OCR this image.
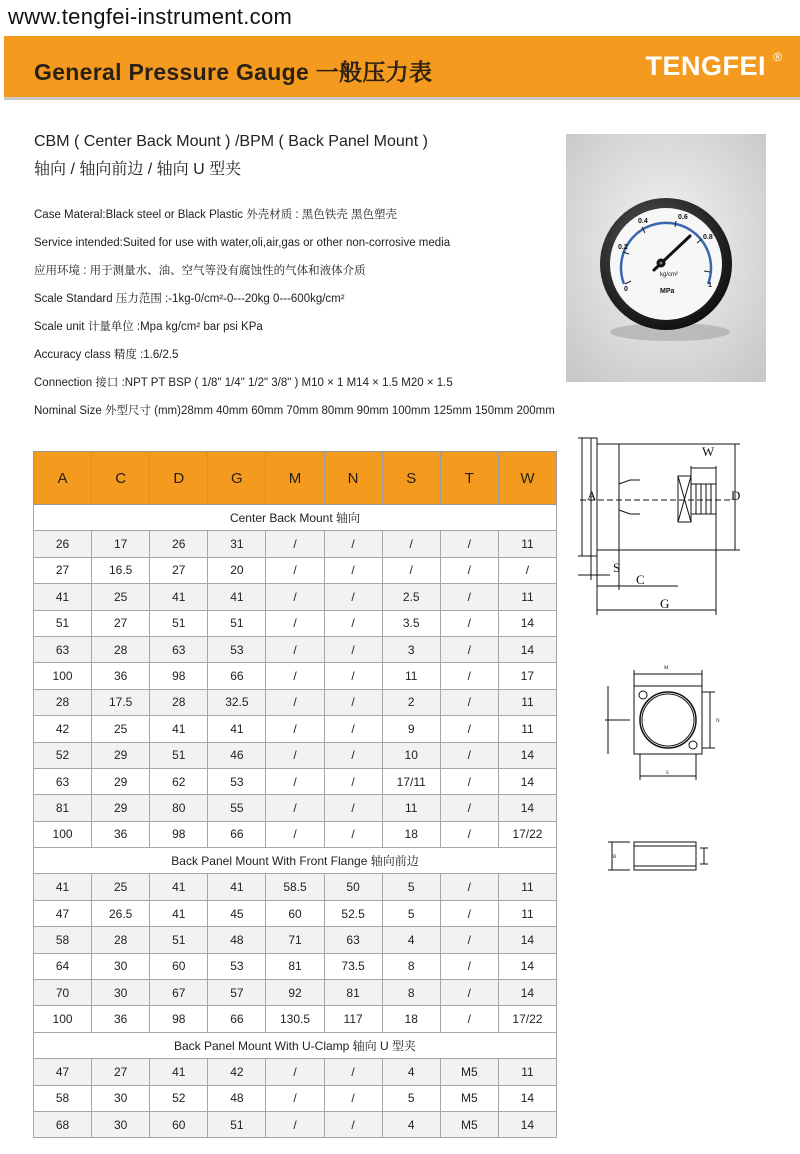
www.tengfei-instrument.com
General Pressure Gauge 一般压力表	TENGFEI ®
CBM ( Center Back Mount ) /BPM ( Back Panel Mount )
轴向 / 轴向前边 / 轴向 U 型夹
Case Materal:Black steel or Black Plastic 外壳材质 : 黑色铁壳 黑色塑壳
Service intended:Suited for use with water,oli,air,gas or other non-corrosive media
应用环境 : 用于测量水、油、空气等没有腐蚀性的气体和液体介质
Scale Standard 压力范围 :-1kg-0/cm²-0---20kg 0---600kg/cm²
Scale unit 计量单位 :Mpa kg/cm² bar psi KPa
Accuracy class 精度 :1.6/2.5
Connection 接口 :NPT PT BSP ( 1/8" 1/4" 1/2" 3/8" ) M10 × 1 M14 × 1.5 M20 × 1.5
Nominal Size 外型尺寸 (mm)28mm 40mm 60mm 70mm 80mm 90mm 100mm 125mm 150mm 200mm
0
0.2
0.4
0.6
0.8
1
kg/cm²
MPa
A	C	D	G	M	N	S	T	W
Center Back Mount 轴向								
26	17	26	31	/	/	/	/	11
27	16.5	27	20	/	/	/	/	/
41	25	41	41	/	/	2.5	/	11
51	27	51	51	/	/	3.5	/	14
63	28	63	53	/	/	3	/	14
100	36	98	66	/	/	11	/	17
28	17.5	28	32.5	/	/	2	/	11
42	25	41	41	/	/	9	/	11
52	29	51	46	/	/	10	/	14
63	29	62	53	/	/	17/11	/	14
81	29	80	55	/	/	11	/	14
100	36	98	66	/	/	18	/	17/22
Back Panel Mount With Front Flange 轴向前边								
41	25	41	41	58.5	50	5	/	11
47	26.5	41	45	60	52.5	5	/	11
58	28	51	48	71	63	4	/	14
64	30	60	53	81	73.5	8	/	14
70	30	67	57	92	81	8	/	14
100	36	98	66	130.5	117	18	/	17/22
Back Panel Mount With U-Clamp 轴向 U 型夹								
47	27	41	42	/	/	4	M5	11
58	30	52	48	/	/	5	M5	14
68	30	60	51	/	/	4	M5	14
W
A	D
S
C
G
M
N
S
B
